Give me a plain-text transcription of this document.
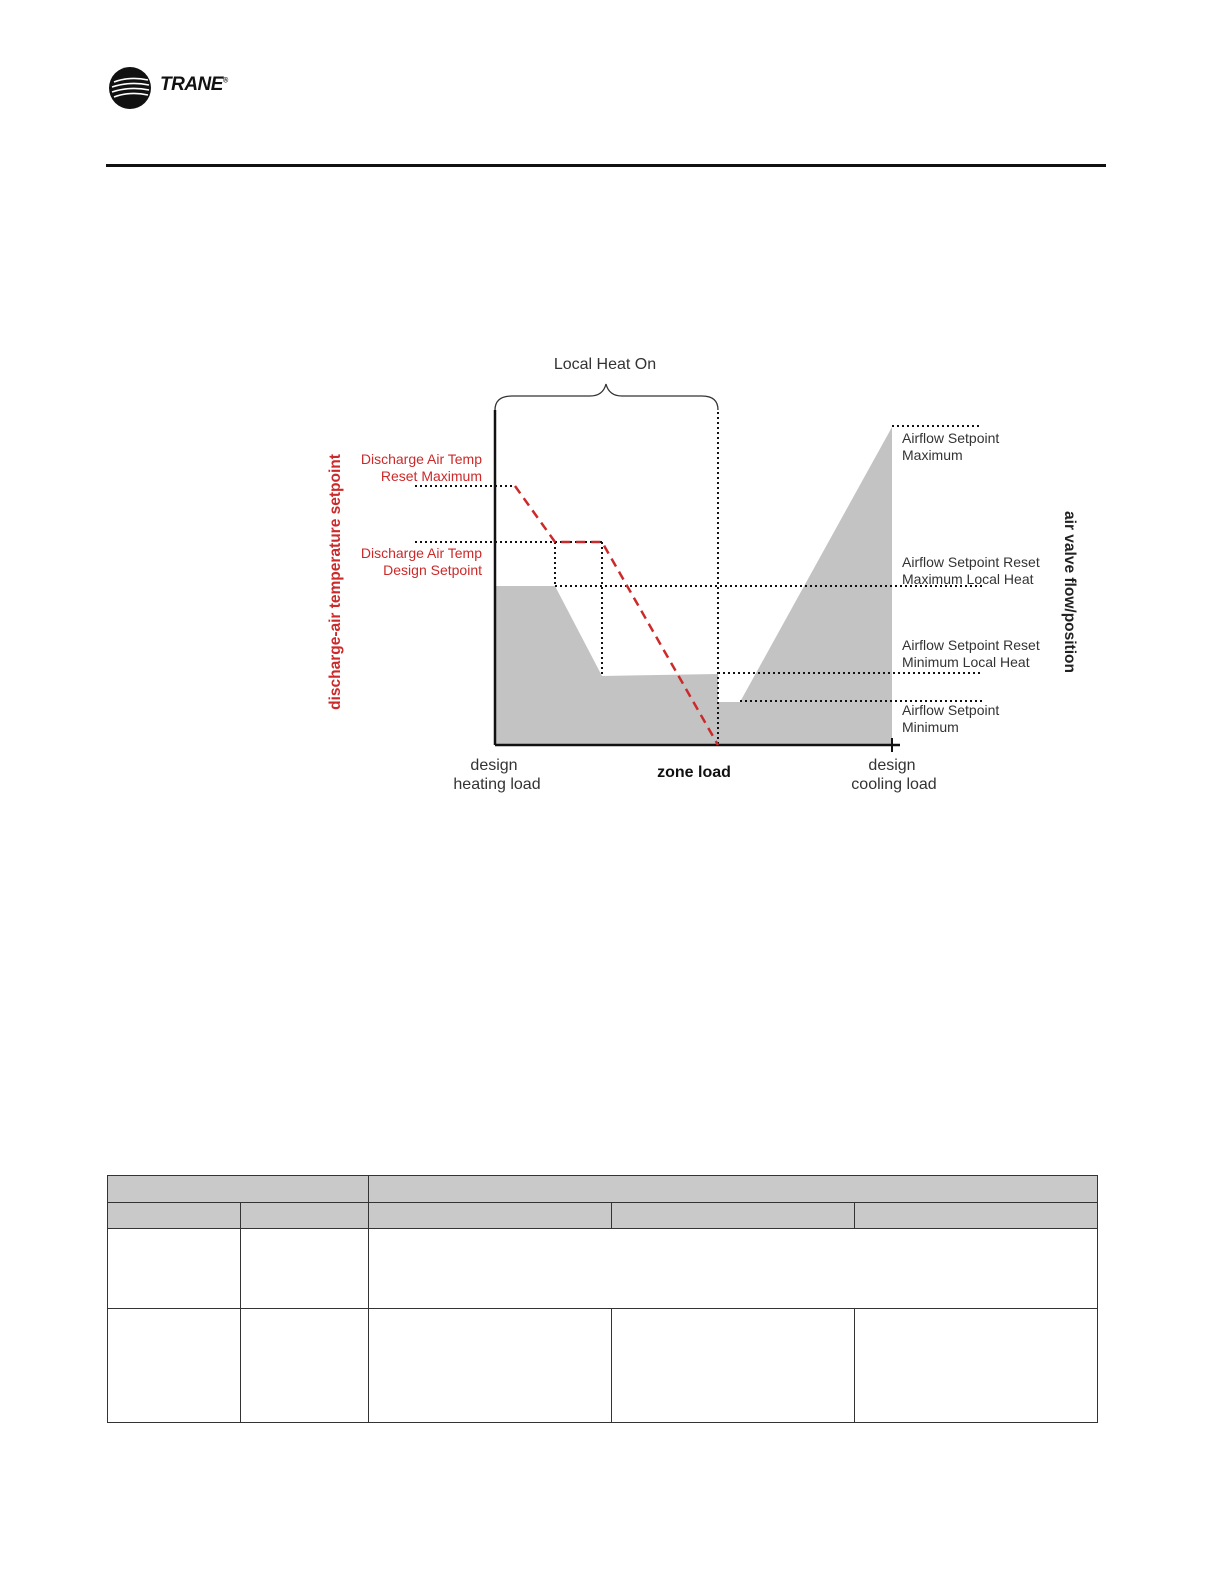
TRANE®
Local Heat On
discharge-air temperature setpoint	air valve flow/position
Discharge Air Temp
Reset Maximum
Discharge Air Temp
Design Setpoint
Airflow Setpoint
Maximum
Airflow Setpoint Reset
Maximum Local Heat
Airflow Setpoint Reset
Minimum Local Heat
Airflow Setpoint
Minimum
design
heating load
zone load	design
cooling load
